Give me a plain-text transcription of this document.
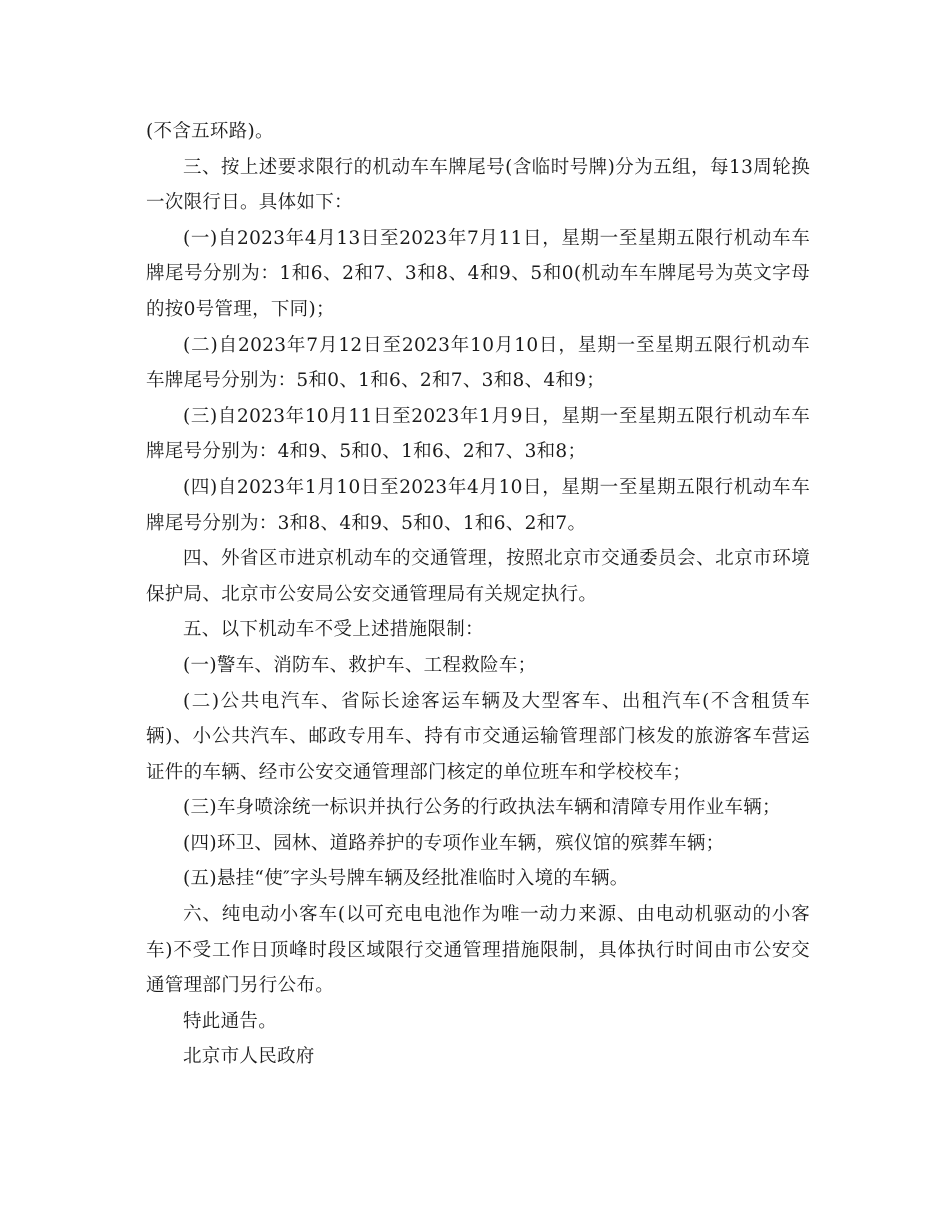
(不含五环路)。

三、按上述要求限行的机动车车牌尾号(含临时号牌)分为五组，每13周轮换一次限行日。具体如下：

(一)自2023年4月13日至2023年7月11日，星期一至星期五限行机动车车牌尾号分别为：1和6、2和7、3和8、4和9、5和0(机动车车牌尾号为英文字母的按0号管理，下同)；

(二)自2023年7月12日至2023年10月10日，星期一至星期五限行机动车车牌尾号分别为：5和0、1和6、2和7、3和8、4和9；

(三)自2023年10月11日至2023年1月9日，星期一至星期五限行机动车车牌尾号分别为：4和9、5和0、1和6、2和7、3和8；

(四)自2023年1月10日至2023年4月10日，星期一至星期五限行机动车车牌尾号分别为：3和8、4和9、5和0、1和6、2和7。

四、外省区市进京机动车的交通管理，按照北京市交通委员会、北京市环境保护局、北京市公安局公安交通管理局有关规定执行。

五、以下机动车不受上述措施限制：

(一)警车、消防车、救护车、工程救险车；

(二)公共电汽车、省际长途客运车辆及大型客车、出租汽车(不含租赁车辆)、小公共汽车、邮政专用车、持有市交通运输管理部门核发的旅游客车营运证件的车辆、经市公安交通管理部门核定的单位班车和学校校车；

(三)车身喷涂统一标识并执行公务的行政执法车辆和清障专用作业车辆；

(四)环卫、园林、道路养护的专项作业车辆，殡仪馆的殡葬车辆；

(五)悬挂“使″字头号牌车辆及经批准临时入境的车辆。

六、纯电动小客车(以可充电电池作为唯一动力来源、由电动机驱动的小客车)不受工作日顶峰时段区域限行交通管理措施限制，具体执行时间由市公安交通管理部门另行公布。

特此通告。

北京市人民政府
